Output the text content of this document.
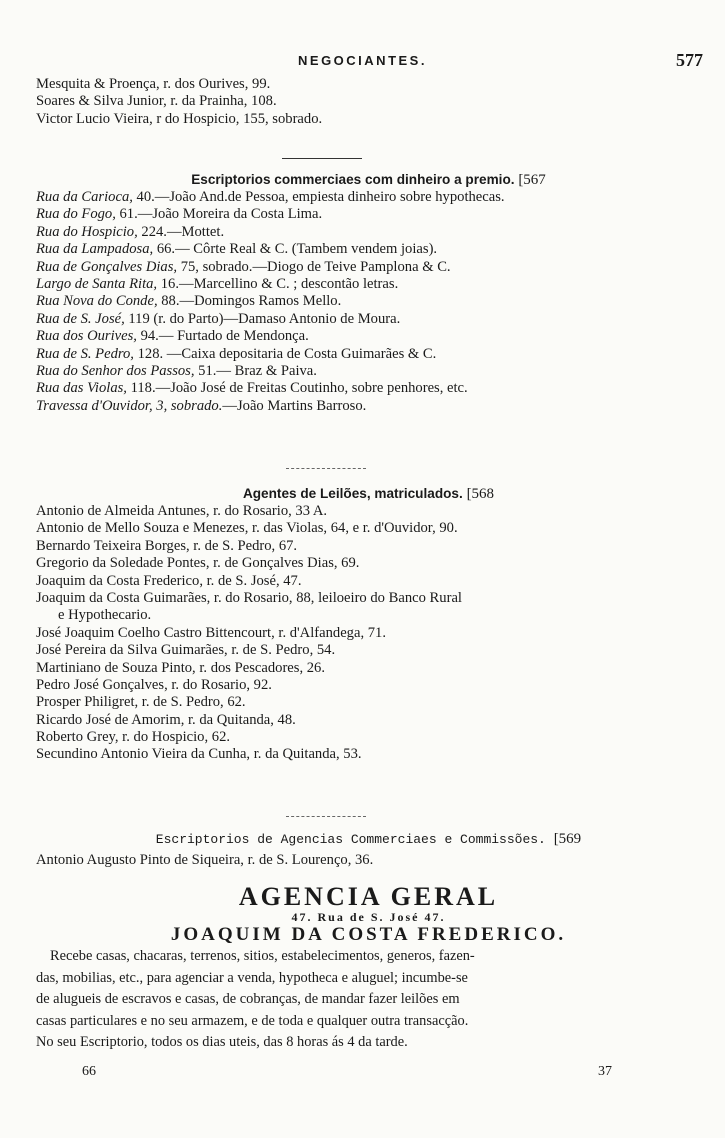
NEGOCIANTES.	577
Mesquita & Proença, r. dos Ourives, 99.
Soares & Silva Junior, r. da Prainha, 108.
Victor Lucio Vieira, r do Hospicio, 155, sobrado.
Escriptorios commerciaes com dinheiro a premio. [567
Rua da Carioca, 40.—João And.de Pessoa, empiesta dinheiro sobre hypothecas.
Rua do Fogo, 61.—João Moreira da Costa Lima.
Rua do Hospicio, 224.—Mottet.
Rua da Lampadosa, 66.— Côrte Real & C. (Tambem vendem joias).
Rua de Gonçalves Dias, 75, sobrado.—Diogo de Teive Pamplona & C.
Largo de Santa Rita, 16.—Marcellino & C. ; descontão letras.
Rua Nova do Conde, 88.—Domingos Ramos Mello.
Rua de S. José, 119 (r. do Parto)—Damaso Antonio de Moura.
Rua dos Ourives, 94.— Furtado de Mendonça.
Rua de S. Pedro, 128. —Caixa depositaria de Costa Guimarães & C.
Rua do Senhor dos Passos, 51.— Braz & Paiva.
Rua das Violas, 118.—João José de Freitas Coutinho, sobre penhores, etc.
Travessa d'Ouvidor, 3, sobrado.—João Martins Barroso.
Agentes de Leilões, matriculados. [568
Antonio de Almeida Antunes, r. do Rosario, 33 A.
Antonio de Mello Souza e Menezes, r. das Violas, 64, e r. d'Ouvidor, 90.
Bernardo Teixeira Borges, r. de S. Pedro, 67.
Gregorio da Soledade Pontes, r. de Gonçalves Dias, 69.
Joaquim da Costa Frederico, r. de S. José, 47.
Joaquim da Costa Guimarães, r. do Rosario, 88, leiloeiro do Banco Rural
e Hypothecario.
José Joaquim Coelho Castro Bittencourt, r. d'Alfandega, 71.
José Pereira da Silva Guimarães, r. de S. Pedro, 54.
Martiniano de Souza Pinto, r. dos Pescadores, 26.
Pedro José Gonçalves, r. do Rosario, 92.
Prosper Philigret, r. de S. Pedro, 62.
Ricardo José de Amorim, r. da Quitanda, 48.
Roberto Grey, r. do Hospicio, 62.
Secundino Antonio Vieira da Cunha, r. da Quitanda, 53.
Escriptorios de Agencias Commerciaes e Commissões. [569
Antonio Augusto Pinto de Siqueira, r. de S. Lourenço, 36.
AGENCIA GERAL
47. Rua de S. José 47.
JOAQUIM DA COSTA FREDERICO.
Recebe casas, chacaras, terrenos, sitios, estabelecimentos, generos, fazen-
das, mobilias, etc., para agenciar a venda, hypotheca e aluguel; incumbe-se
de alugueis de escravos e casas, de cobranças, de mandar fazer leilões em
casas particulares e no seu armazem, e de toda e qualquer outra transacção.
No seu Escriptorio, todos os dias uteis, das 8 horas ás 4 da tarde.
66	37
